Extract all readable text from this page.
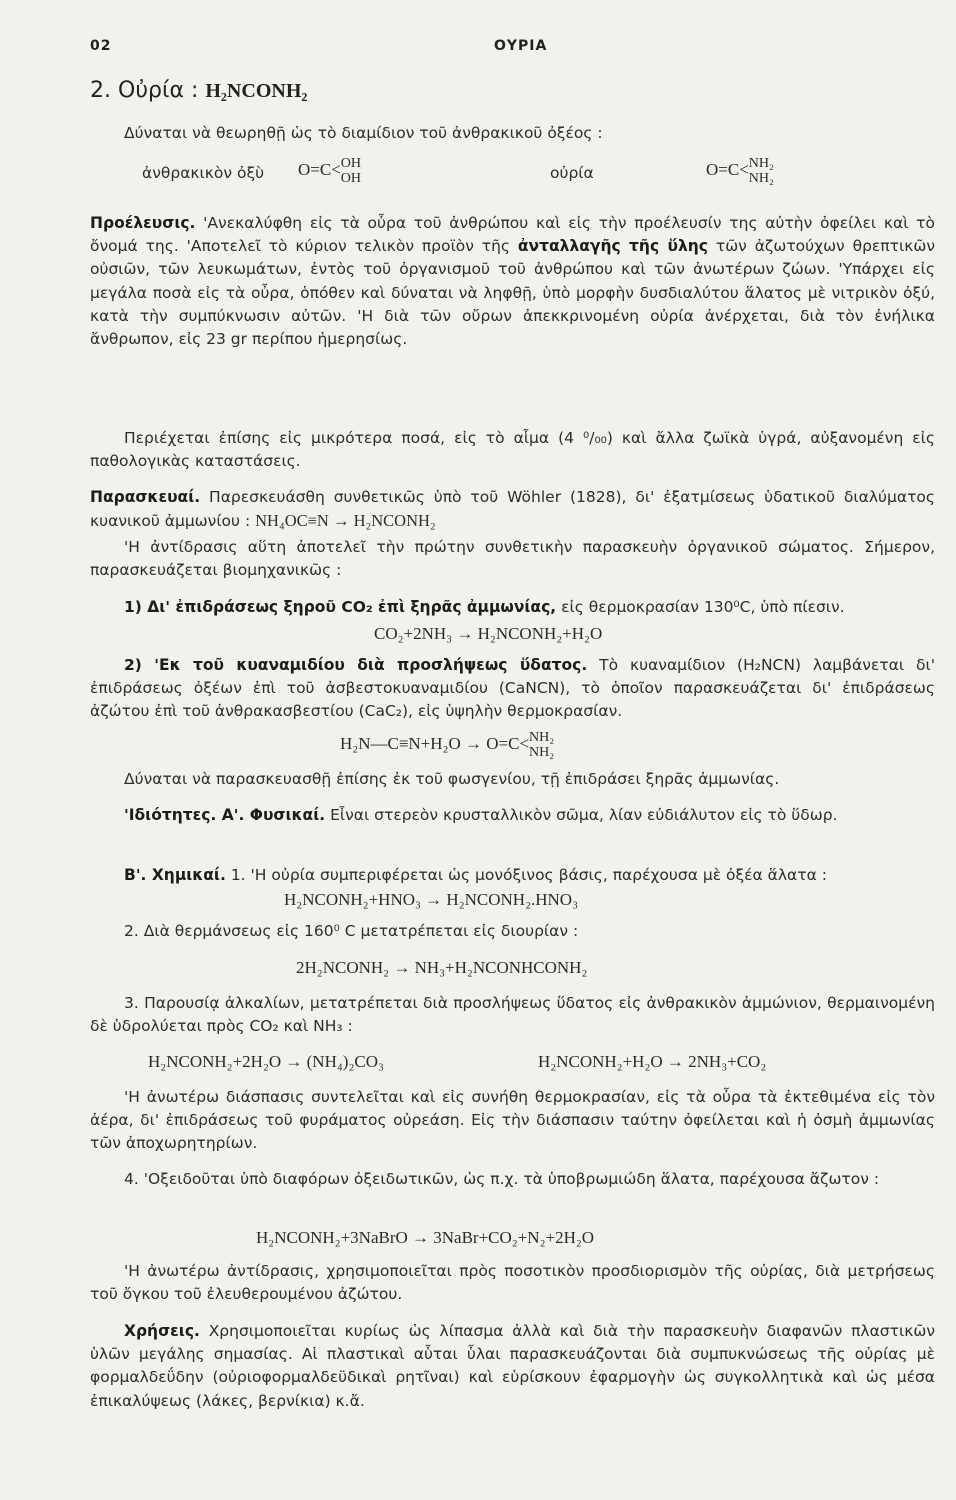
02	ΟΥΡΙΑ
2. Οὐρία : H₂NCONH₂
Δύναται νὰ θεωρηθῇ ὡς τὸ διαμίδιον τοῦ ἀνθρακικοῦ ὀξέος :
ἀνθρακικὸν ὀξὺ O=C<OH
OH	οὐρία	O=C<NH₂
NH₂
Προέλευσις. 'Ανεκαλύφθη εἰς τὰ οὖρα τοῦ ἀνθρώπου καὶ εἰς τὴν προέλευσίν της αὐτὴν ὀφείλει καὶ τὸ ὄνομά της. 'Αποτελεῖ τὸ κύριον τελικὸν προϊὸν τῆς ἀνταλλαγῆς τῆς ὕλης τῶν ἀζωτούχων θρεπτικῶν οὐσιῶν, τῶν λευκωμάτων, ἐντὸς τοῦ ὀργανισμοῦ τοῦ ἀνθρώπου καὶ τῶν ἀνωτέρων ζώων. 'Υπάρχει εἰς μεγάλα ποσὰ εἰς τὰ οὖρα, ὁπόθεν καὶ δύναται νὰ ληφθῇ, ὑπὸ μορφὴν δυσδιαλύτου ἅλατος μὲ νιτρικὸν ὀξύ, κατὰ τὴν συμπύκνωσιν αὐτῶν. 'Η διὰ τῶν οὔρων ἀπεκκρινομένη οὐρία ἀνέρχεται, διὰ τὸν ἐνήλικα ἄνθρωπον, εἰς 23 gr περίπου ἡμερησίως.
Περιέχεται ἐπίσης εἰς μικρότερα ποσά, εἰς τὸ αἷμα (4 ⁰/₀₀) καὶ ἄλλα ζωϊκὰ ὑγρά, αὐξανομένη εἰς παθολογικὰς καταστάσεις.
Παρασκευαί. Παρεσκευάσθη συνθετικῶς ὑπὸ τοῦ Wöhler (1828), δι' ἐξατμίσεως ὑδατικοῦ διαλύματος κυανικοῦ ἀμμωνίου : NH₄OC≡N → H₂NCONH₂
'Η ἀντίδρασις αὕτη ἀποτελεῖ τὴν πρώτην συνθετικὴν παρασκευὴν ὀργανικοῦ σώματος. Σήμερον, παρασκευάζεται βιομηχανικῶς :
1) Δι' ἐπιδράσεως ξηροῦ CO₂ ἐπὶ ξηρᾶς ἀμμωνίας, εἰς θερμοκρασίαν 130⁰C, ὑπὸ πίεσιν.
CO₂+2NH₃ → H₂NCONH₂+H₂O
2) 'Εκ τοῦ κυαναμιδίου διὰ προσλήψεως ὕδατος. Τὸ κυαναμίδιον (H₂NCN) λαμβάνεται δι' ἐπιδράσεως ὀξέων ἐπὶ τοῦ ἀσβεστοκυαναμιδίου (CaNCN), τὸ ὁποῖον παρασκευάζεται δι' ἐπιδράσεως ἀζώτου ἐπὶ τοῦ ἀνθρακασβεστίου (CaC₂), εἰς ὑψηλὴν θερμοκρασίαν.
H₂N—C≡N+H₂O → O=C<NH₂
NH₂
Δύναται νὰ παρασκευασθῇ ἐπίσης ἐκ τοῦ φωσγενίου, τῇ ἐπιδράσει ξηρᾶς ἀμμωνίας.
'Ιδιότητες. Α'. Φυσικαί. Εἶναι στερεὸν κρυσταλλικὸν σῶμα, λίαν εὐδιάλυτον εἰς τὸ ὕδωρ.
Β'. Χημικαί. 1. 'Η οὐρία συμπεριφέρεται ὡς μονόξινος βάσις, παρέχουσα μὲ ὀξέα ἅλατα :
H₂NCONH₂+HNO₃ → H₂NCONH₂.HNO₃
2. Διὰ θερμάνσεως εἰς 160⁰ C μετατρέπεται εἰς διουρίαν :
2H₂NCONH₂ → NH₃+H₂NCONHCONH₂
3. Παρουσίᾳ ἀλκαλίων, μετατρέπεται διὰ προσλήψεως ὕδατος εἰς ἀνθρακικὸν ἀμμώνιον, θερμαινομένη δὲ ὑδρολύεται πρὸς CO₂ καὶ NH₃ :
H₂NCONH₂+2H₂O → (NH₄)₂CO₃	H₂NCONH₂+H₂O → 2NH₃+CO₂
'Η ἀνωτέρω διάσπασις συντελεῖται καὶ εἰς συνήθη θερμοκρασίαν, εἰς τὰ οὖρα τὰ ἐκτεθιμένα εἰς τὸν ἀέρα, δι' ἐπιδράσεως τοῦ φυράματος οὐρεάση. Εἰς τὴν διάσπασιν ταύτην ὀφείλεται καὶ ἡ ὀσμὴ ἀμμωνίας τῶν ἀποχωρητηρίων.
4. 'Οξειδοῦται ὑπὸ διαφόρων ὀξειδωτικῶν, ὡς π.χ. τὰ ὑποβρωμιώδη ἅλατα, παρέχουσα ἄζωτον :
H₂NCONH₂+3NaBrO → 3NaBr+CO₂+N₂+2H₂O
'Η ἀνωτέρω ἀντίδρασις, χρησιμοποιεῖται πρὸς ποσοτικὸν προσδιορισμὸν τῆς οὐρίας, διὰ μετρήσεως τοῦ ὄγκου τοῦ ἐλευθερουμένου ἀζώτου.
Χρήσεις. Χρησιμοποιεῖται κυρίως ὡς λίπασμα ἀλλὰ καὶ διὰ τὴν παρασκευὴν διαφανῶν πλαστικῶν ὑλῶν μεγάλης σημασίας. Αἱ πλαστικαὶ αὗται ὗλαι παρασκευάζονται διὰ συμπυκνώσεως τῆς οὐρίας μὲ φορμαλδεΰδην (οὐριοφορμαλδεϋδικαὶ ρητῖναι) καὶ εὑρίσκουν ἐφαρμογὴν ὡς συγκολλητικὰ καὶ ὡς μέσα ἐπικαλύψεως (λάκες, βερνίκια) κ.ἄ.
